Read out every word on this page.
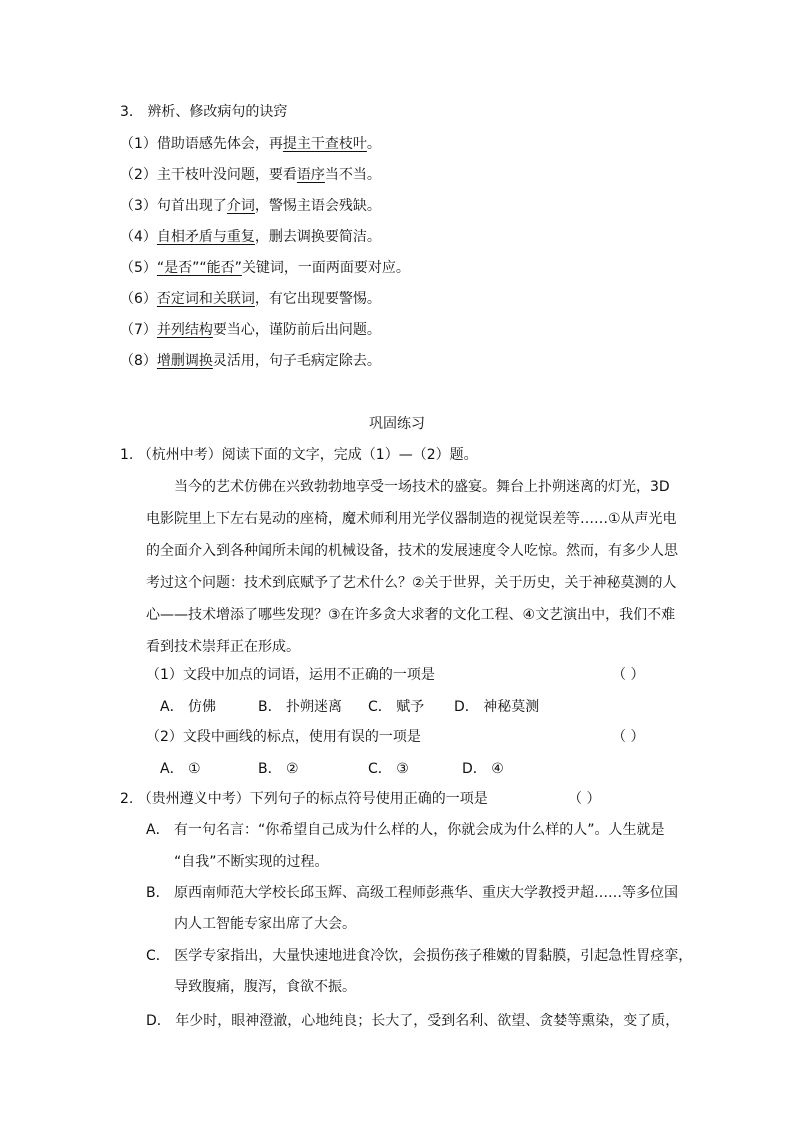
3． 辨析、修改病句的诀窍
（1）借助语感先体会，再提主干查枝叶。
（2）主干枝叶没问题，要看语序当不当。
（3）句首出现了介词，警惕主语会残缺。
（4）自相矛盾与重复，删去调换要简洁。
（5）“是否”“能否”关键词，一面两面要对应。
（6）否定词和关联词，有它出现要警惕。
（7）并列结构要当心，谨防前后出问题。
（8）增删调换灵活用，句子毛病定除去。
巩固练习
1. （杭州中考）阅读下面的文字，完成（1）—（2）题。
当今的艺术仿佛在兴致勃勃地享受一场技术的盛宴。舞台上扑朔迷离的灯光，3D
电影院里上下左右晃动的座椅，魔术师利用光学仪器制造的视觉误差等……①从声光电
的全面介入到各种闻所未闻的机械设备，技术的发展速度令人吃惊。然而，有多少人思
考过这个问题：技术到底赋予了艺术什么？②关于世界，关于历史，关于神秘莫测的人
心——技术增添了哪些发现？③在许多贪大求奢的文化工程、④文艺演出中，我们不难
看到技术崇拜正在形成。
（1）文段中加点的词语，运用不正确的一项是	（ ）
A． 仿佛	B． 扑朔迷离 C． 赋予 D． 神秘莫测
（2）文段中画线的标点，使用有误的一项是	（ ）
A． ①	B． ②	C． ③	D． ④
2. （贵州遵义中考）下列句子的标点符号使用正确的一项是	（ ）
A． 有一句名言：“你希望自己成为什么样的人，你就会成为什么样的人”。人生就是
“自我”不断实现的过程。
B． 原西南师范大学校长邱玉辉、高级工程师彭燕华、重庆大学教授尹超……等多位国
内人工智能专家出席了大会。
C． 医学专家指出，大量快速地进食冷饮，会损伤孩子稚嫩的胃黏膜，引起急性胃痉挛，
导致腹痛，腹泻，食欲不振。
D． 年少时，眼神澄澈，心地纯良；长大了，受到名利、欲望、贪婪等熏染，变了质，
